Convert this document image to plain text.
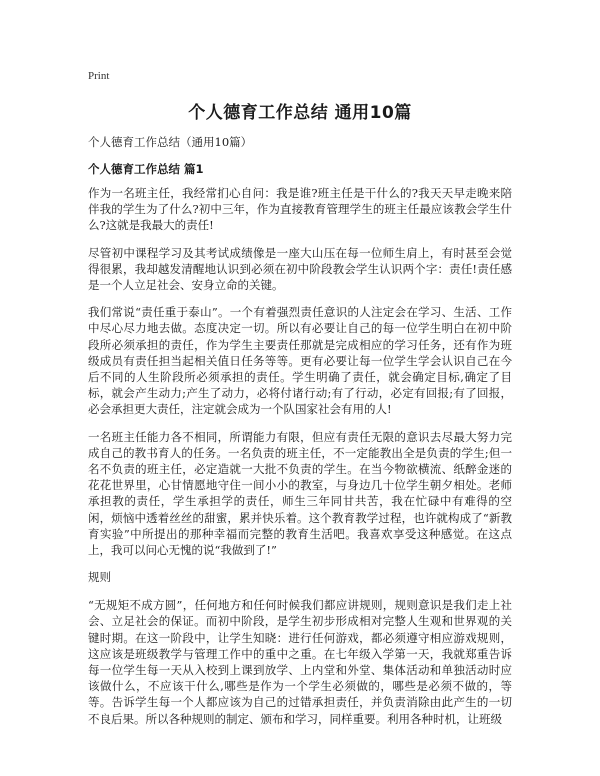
Print
个人德育工作总结 通用10篇
个人德育工作总结（通用10篇）
个人德育工作总结 篇1

作为一名班主任，我经常扪心自问：我是谁?班主任是干什么的?我天天早走晚来陪伴我的学生为了什么?初中三年，作为直接教育管理学生的班主任最应该教会学生什么?这就是我最大的责任!

尽管初中课程学习及其考试成绩像是一座大山压在每一位师生肩上，有时甚至会觉得很累，我却越发清醒地认识到必须在初中阶段教会学生认识两个字：责任!责任感是一个人立足社会、安身立命的关键。

我们常说“责任重于泰山”。一个有着强烈责任意识的人注定会在学习、生活、工作中尽心尽力地去做。态度决定一切。所以有必要让自己的每一位学生明白在初中阶段所必须承担的责任，作为学生主要责任那就是完成相应的学习任务，还有作为班级成员有责任担当起相关值日任务等等。更有必要让每一位学生学会认识自己在今后不同的人生阶段所必须承担的责任。学生明确了责任，就会确定目标,确定了目标，就会产生动力;产生了动力，必将付诸行动;有了行动，必定有回报;有了回报，必会承担更大责任，注定就会成为一个队国家社会有用的人!

一名班主任能力各不相同，所谓能力有限，但应有责任无限的意识去尽最大努力完成自己的教书育人的任务。一名负责的班主任，不一定能教出全是负责的学生;但一名不负责的班主任，必定造就一大批不负责的学生。在当今物欲横流、纸醉金迷的花花世界里，心甘情愿地守住一间小小的教室，与身边几十位学生朝夕相处。老师承担教的责任，学生承担学的责任，师生三年同甘共苦，我在忙碌中有难得的空闲，烦恼中透着丝丝的甜蜜，累并快乐着。这个教育教学过程，也许就构成了“新教育实验”中所提出的那种幸福而完整的教育生活吧。我喜欢享受这种感觉。在这点上，我可以问心无愧的说“我做到了!”

规则

“无规矩不成方圆”，任何地方和任何时候我们都应讲规则，规则意识是我们走上社会、立足社会的保证。而初中阶段，是学生初步形成相对完整人生观和世界观的关键时期。在这一阶段中，让学生知晓：进行任何游戏，都必须遵守相应游戏规则，这应该是班级教学与管理工作中的重中之重。在七年级入学第一天，我就郑重告诉每一位学生每一天从入校到上课到放学、上内堂和外堂、集体活动和单独活动时应该做什么，不应该干什么,哪些是作为一个学生必须做的，哪些是必须不做的，等等。告诉学生每一个人都应该为自己的过错承担责任，并负责消除由此产生的一切不良后果。所以各种规则的制定、颁布和学习，同样重要。利用各种时机，让班级
